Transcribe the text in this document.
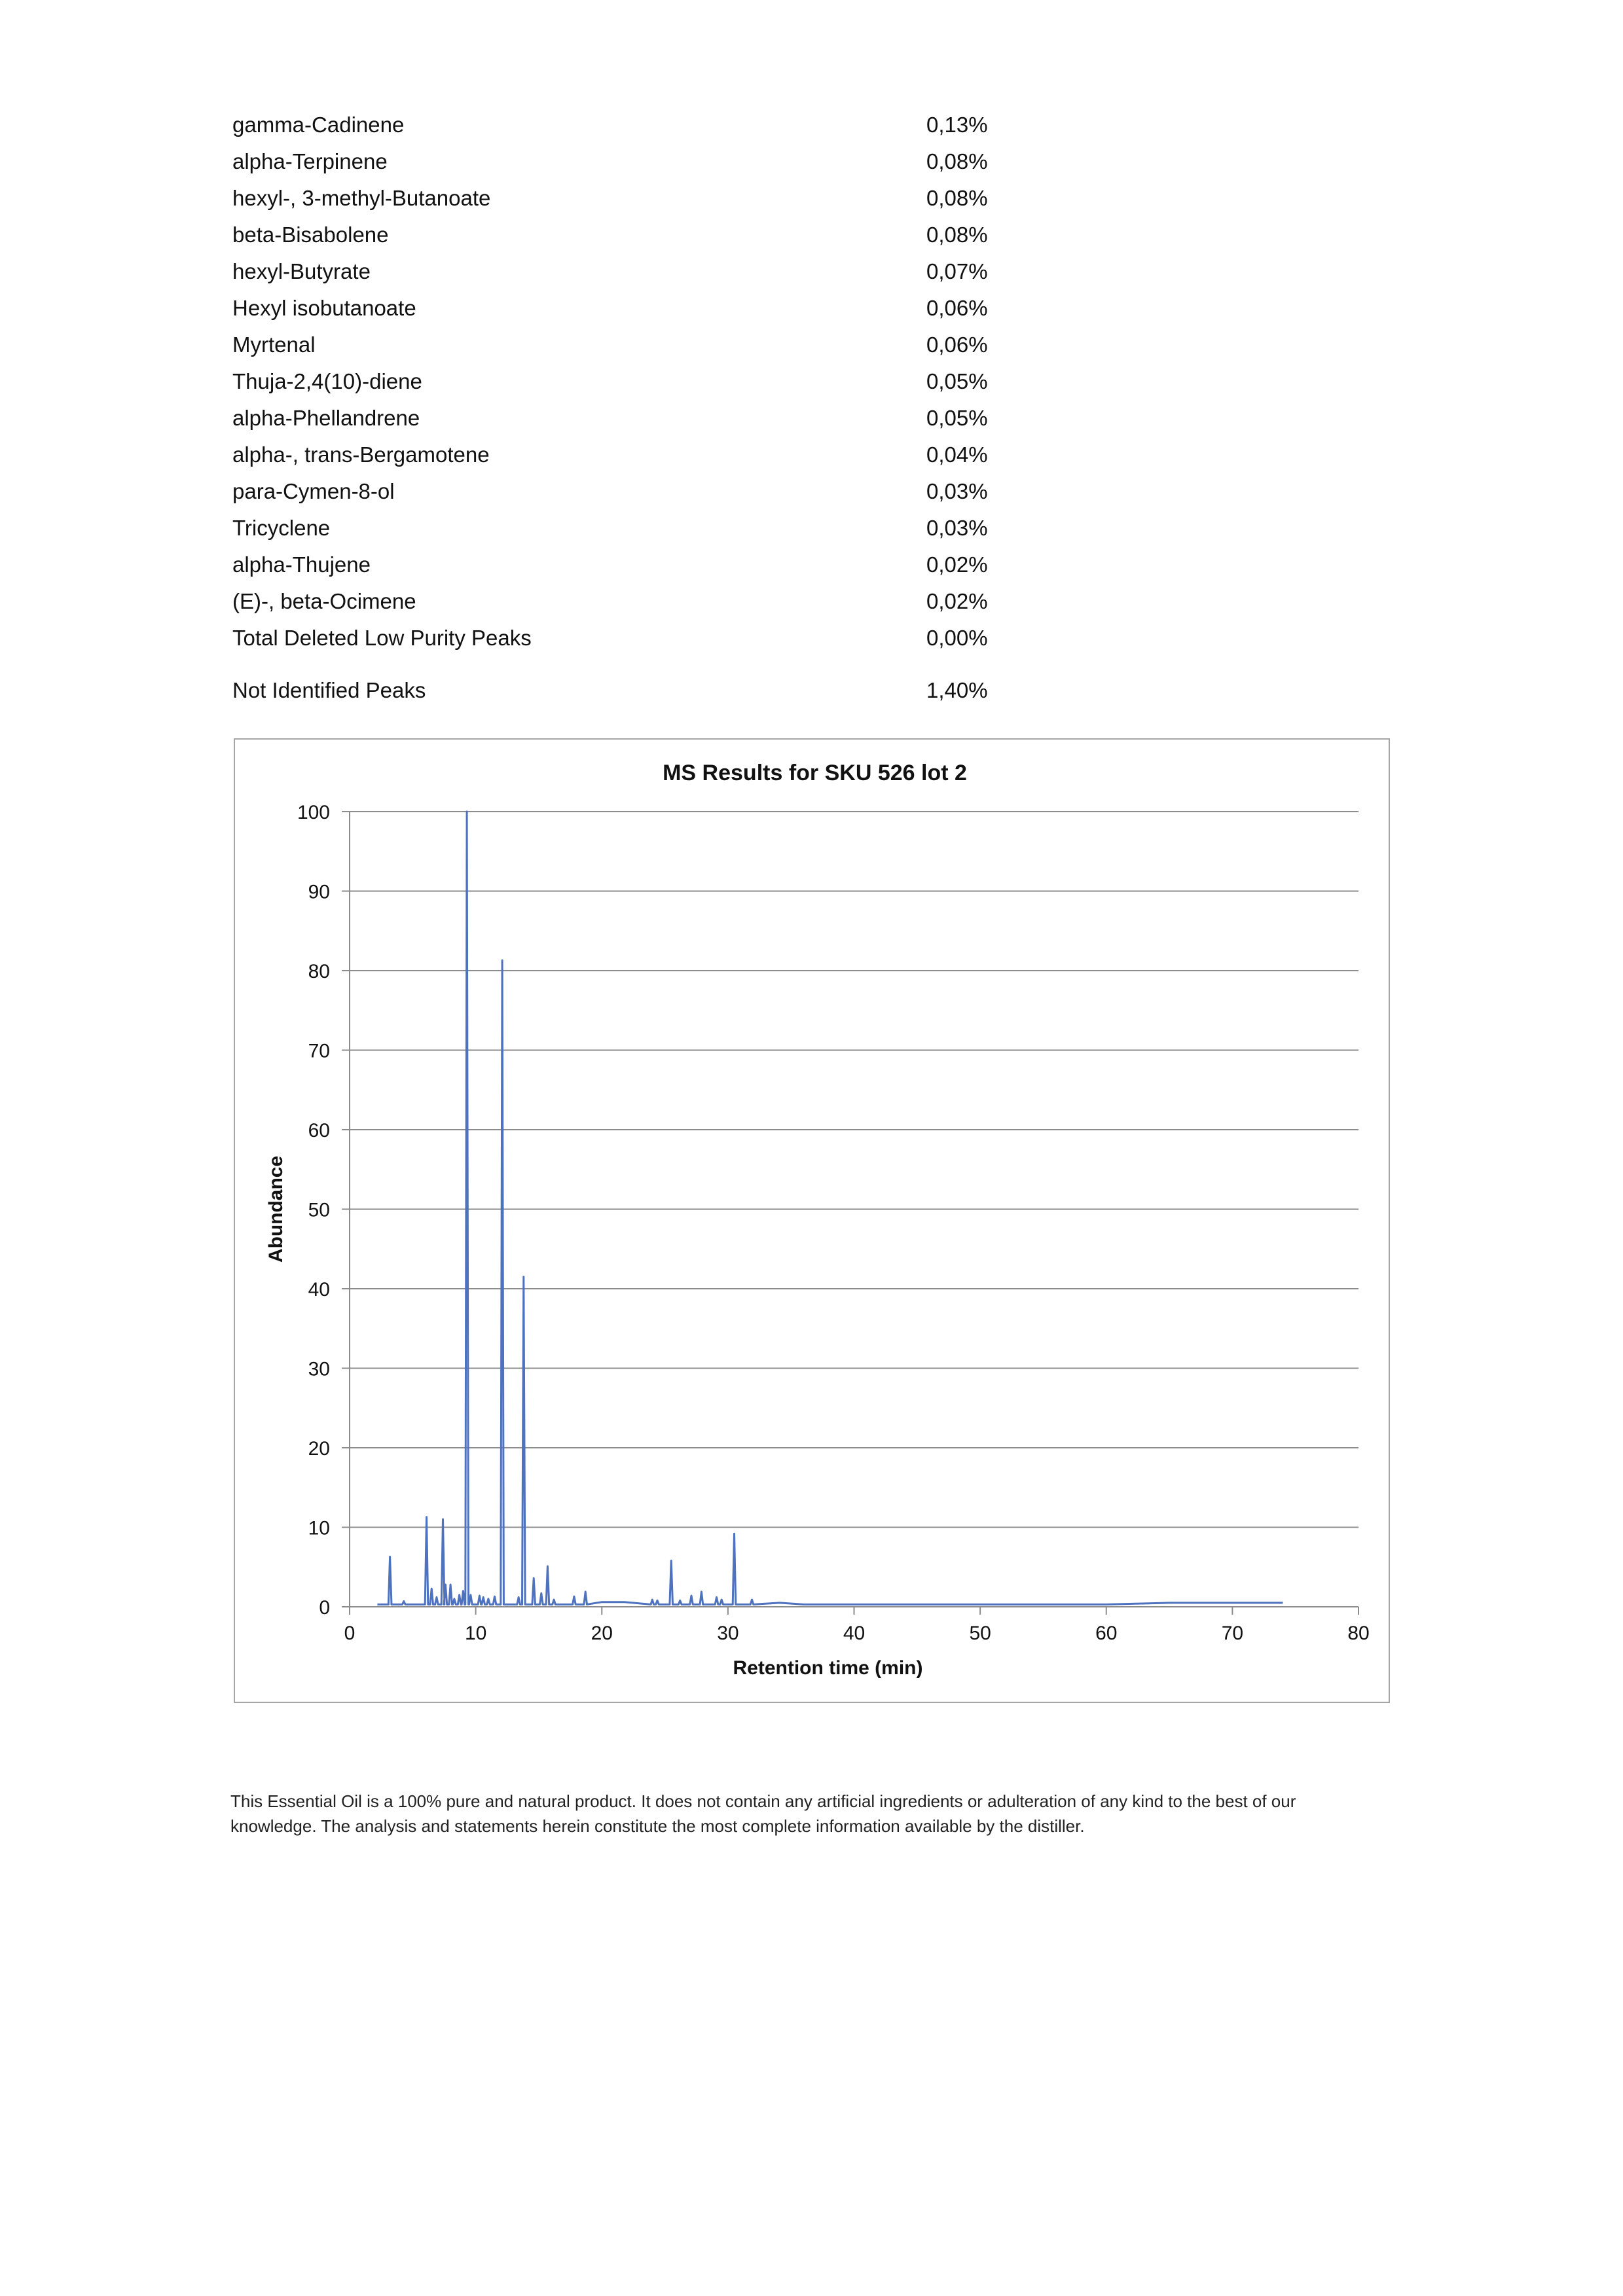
gamma-Cadinene	0,13%
alpha-Terpinene	0,08%
hexyl-, 3-methyl-Butanoate	0,08%
beta-Bisabolene	0,08%
hexyl-Butyrate	0,07%
Hexyl isobutanoate	0,06%
Myrtenal	0,06%
Thuja-2,4(10)-diene	0,05%
alpha-Phellandrene	0,05%
alpha-, trans-Bergamotene	0,04%
para-Cymen-8-ol	0,03%
Tricyclene	0,03%
alpha-Thujene	0,02%
(E)-, beta-Ocimene	0,02%
Total Deleted Low Purity Peaks	0,00%
Not Identified Peaks	1,40%
MS Results for SKU 526 lot 2
0
10
20
30
40
50
60
70
80
90
100
0	10	20	30	40	50	60	70	80
Retention time (min)
Abundance

This Essential Oil is a 100% pure and natural product. It does not contain any artificial ingredients or adulteration of any kind to the best of our

knowledge. The analysis and statements herein constitute the most complete information available by the distiller.
